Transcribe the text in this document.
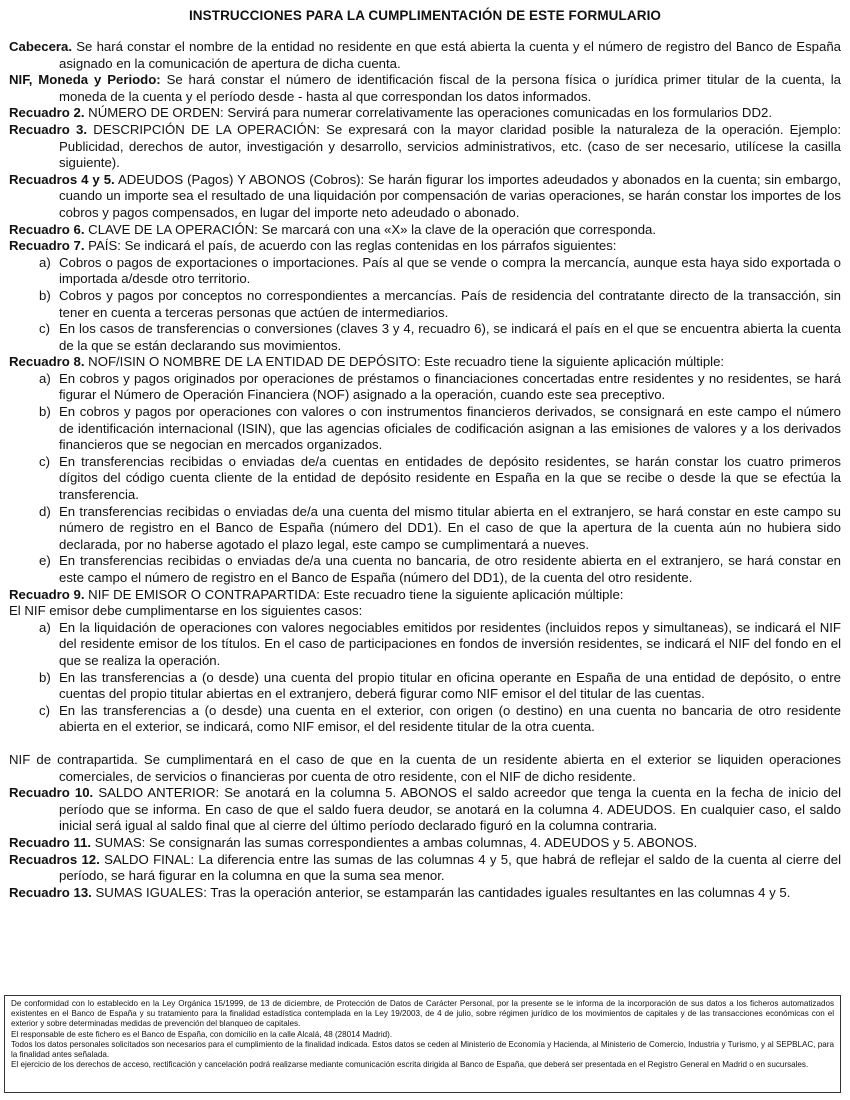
INSTRUCCIONES PARA LA CUMPLIMENTACIÓN DE ESTE FORMULARIO

Cabecera. Se hará constar el nombre de la entidad no residente en que está abierta la cuenta y el número de registro del Banco de España asignado en la comunicación de apertura de dicha cuenta.

NIF, Moneda y Periodo: Se hará constar el número de identificación fiscal de la persona física o jurídica primer titular de la cuenta, la moneda de la cuenta y el período desde - hasta al que correspondan los datos informados.

Recuadro 2. NÚMERO DE ORDEN: Servirá para numerar correlativamente las operaciones comunicadas en los formularios DD2.

Recuadro 3. DESCRIPCIÓN DE LA OPERACIÓN: Se expresará con la mayor claridad posible la naturaleza de la operación. Ejemplo: Publicidad, derechos de autor, investigación y desarrollo, servicios administrativos, etc. (caso de ser necesario, utilícese la casilla siguiente).

Recuadros 4 y 5. ADEUDOS (Pagos) Y ABONOS (Cobros): Se harán figurar los importes adeudados y abonados en la cuenta; sin embargo, cuando un importe sea el resultado de una liquidación por compensación de varias operaciones, se harán constar los importes de los cobros y pagos compensados, en lugar del importe neto adeudado o abonado.

Recuadro 6. CLAVE DE LA OPERACIÓN: Se marcará con una «X» la clave de la operación que corresponda.

Recuadro 7. PAÍS: Se indicará el país, de acuerdo con las reglas contenidas en los párrafos siguientes:

a) Cobros o pagos de exportaciones o importaciones. País al que se vende o compra la mercancía, aunque esta haya sido exportada o importada a/desde otro territorio.
b) Cobros y pagos por conceptos no correspondientes a mercancías. País de residencia del contratante directo de la transacción, sin tener en cuenta a terceras personas que actúen de intermediarios.
c) En los casos de transferencias o conversiones (claves 3 y 4, recuadro 6), se indicará el país en el que se encuentra abierta la cuenta de la que se están declarando sus movimientos.

Recuadro 8. NOF/ISIN O NOMBRE DE LA ENTIDAD DE DEPÓSITO: Este recuadro tiene la siguiente aplicación múltiple:

a) En cobros y pagos originados por operaciones de préstamos o financiaciones concertadas entre residentes y no residentes, se hará figurar el Número de Operación Financiera (NOF) asignado a la operación, cuando este sea preceptivo.
b) En cobros y pagos por operaciones con valores o con instrumentos financieros derivados, se consignará en este campo el número de identificación internacional (ISIN), que las agencias oficiales de codificación asignan a las emisiones de valores y a los derivados financieros que se negocian en mercados organizados.
c) En transferencias recibidas o enviadas de/a cuentas en entidades de depósito residentes, se harán constar los cuatro primeros dígitos del código cuenta cliente de la entidad de depósito residente en España en la que se recibe o desde la que se efectúa la transferencia.
d) En transferencias recibidas o enviadas de/a una cuenta del mismo titular abierta en el extranjero, se hará constar en este campo su número de registro en el Banco de España (número del DD1). En el caso de que la apertura de la cuenta aún no hubiera sido declarada, por no haberse agotado el plazo legal, este campo se cumplimentará a nueves.
e) En transferencias recibidas o enviadas de/a una cuenta no bancaria, de otro residente abierta en el extranjero, se hará constar en este campo el número de registro en el Banco de España (número del DD1), de la cuenta del otro residente.

Recuadro 9. NIF DE EMISOR O CONTRAPARTIDA: Este recuadro tiene la siguiente aplicación múltiple:

El NIF emisor debe cumplimentarse en los siguientes casos:

a) En la liquidación de operaciones con valores negociables emitidos por residentes (incluidos repos y simultaneas), se indicará el NIF del residente emisor de los títulos. En el caso de participaciones en fondos de inversión residentes, se indicará el NIF del fondo en el que se realiza la operación.
b) En las transferencias a (o desde) una cuenta del propio titular en oficina operante en España de una entidad de depósito, o entre cuentas del propio titular abiertas en el extranjero, deberá figurar como NIF emisor el del titular de las cuentas.
c) En las transferencias a (o desde) una cuenta en el exterior, con origen (o destino) en una cuenta no bancaria de otro residente abierta en el exterior, se indicará, como NIF emisor, el del residente titular de la otra cuenta.

NIF de contrapartida. Se cumplimentará en el caso de que en la cuenta de un residente abierta en el exterior se liquiden operaciones comerciales, de servicios o financieras por cuenta de otro residente, con el NIF de dicho residente.

Recuadro 10. SALDO ANTERIOR: Se anotará en la columna 5. ABONOS el saldo acreedor que tenga la cuenta en la fecha de inicio del período que se informa. En caso de que el saldo fuera deudor, se anotará en la columna 4. ADEUDOS. En cualquier caso, el saldo inicial será igual al saldo final que al cierre del último período declarado figuró en la columna contraria.

Recuadro 11. SUMAS: Se consignarán las sumas correspondientes a ambas columnas, 4. ADEUDOS y 5. ABONOS.

Recuadros 12. SALDO FINAL: La diferencia entre las sumas de las columnas 4 y 5, que habrá de reflejar el saldo de la cuenta al cierre del período, se hará figurar en la columna en que la suma sea menor.

Recuadro 13. SUMAS IGUALES: Tras la operación anterior, se estamparán las cantidades iguales resultantes en las columnas 4 y 5.

De conformidad con lo establecido en la Ley Orgánica 15/1999, de 13 de diciembre, de Protección de Datos de Carácter Personal, por la presente se le informa de la incorporación de sus datos a los ficheros automatizados existentes en el Banco de España y su tratamiento para la finalidad estadística contemplada en la Ley 19/2003, de 4 de julio, sobre régimen jurídico de los movimientos de capitales y de las transacciones económicas con el exterior y sobre determinadas medidas de prevención del blanqueo de capitales.

El responsable de este fichero es el Banco de España, con domicilio en la calle Alcalá, 48 (28014 Madrid).

Todos los datos personales solicitados son necesarios para el cumplimiento de la finalidad indicada. Estos datos se ceden al Ministerio de Economía y Hacienda, al Ministerio de Comercio, Industria y Turismo, y al SEPBLAC, para la finalidad antes señalada.

El ejercicio de los derechos de acceso, rectificación y cancelación podrá realizarse mediante comunicación escrita dirigida al Banco de España, que deberá ser presentada en el Registro General en Madrid o en sucursales.
